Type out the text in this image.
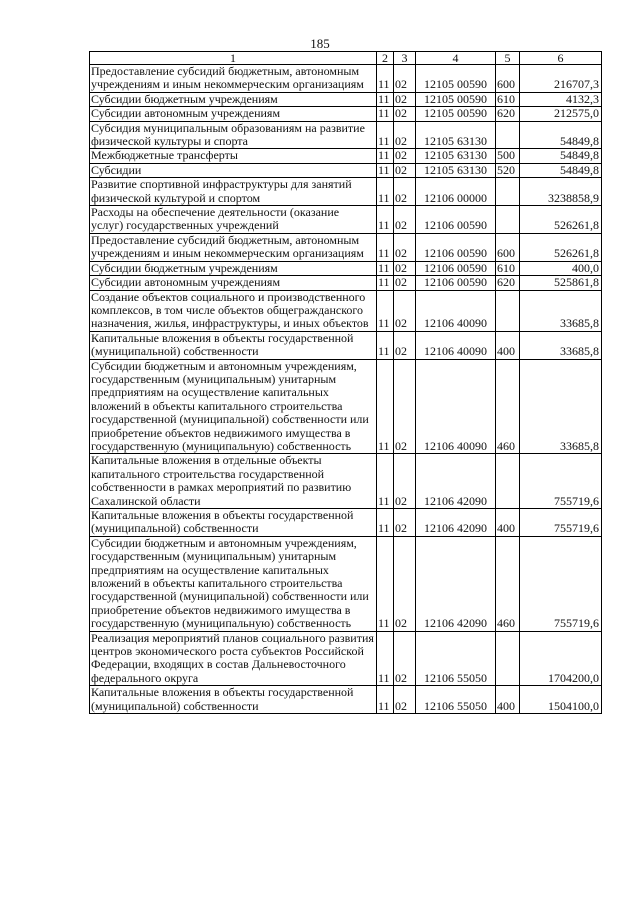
185
1	2	3	4	5	6
Предоставление субсидий бюджетным, автономным учреждениям и иным некоммерческим организациям	11	02	12105 00590	600	216707,3
Субсидии бюджетным учреждениям	11	02	12105 00590	610	4132,3
Субсидии автономным учреждениям	11	02	12105 00590	620	212575,0
Субсидия муниципальным образованиям на развитие физической культуры и спорта	11	02	12105 63130		54849,8
Межбюджетные трансферты	11	02	12105 63130	500	54849,8
Субсидии	11	02	12105 63130	520	54849,8
Развитие спортивной инфраструктуры для занятий физической культурой и спортом	11	02	12106 00000		3238858,9
Расходы на обеспечение деятельности (оказание услуг) государственных учреждений	11	02	12106 00590		526261,8
Предоставление субсидий бюджетным, автономным учреждениям и иным некоммерческим организациям	11	02	12106 00590	600	526261,8
Субсидии бюджетным учреждениям	11	02	12106 00590	610	400,0
Субсидии автономным учреждениям	11	02	12106 00590	620	525861,8
Создание объектов социального и производственного комплексов, в том числе объектов общегражданского назначения, жилья, инфраструктуры, и иных объектов	11	02	12106 40090		33685,8
Капитальные вложения в объекты государственной (муниципальной) собственности	11	02	12106 40090	400	33685,8
Субсидии бюджетным и автономным учреждениям, государственным (муниципальным) унитарным предприятиям на осуществление капитальных вложений в объекты капитального строительства государственной (муниципальной) собственности или приобретение объектов недвижимого имущества в государственную (муниципальную) собственность	11	02	12106 40090	460	33685,8
Капитальные вложения в отдельные объекты капитального строительства государственной собственности в рамках мероприятий по развитию Сахалинской области	11	02	12106 42090		755719,6
Капитальные вложения в объекты государственной (муниципальной) собственности	11	02	12106 42090	400	755719,6
Субсидии бюджетным и автономным учреждениям, государственным (муниципальным) унитарным предприятиям на осуществление капитальных вложений в объекты капитального строительства государственной (муниципальной) собственности или приобретение объектов недвижимого имущества в государственную (муниципальную) собственность	11	02	12106 42090	460	755719,6
Реализация мероприятий планов социального развития центров экономического роста субъектов Российской Федерации, входящих в состав Дальневосточного федерального округа	11	02	12106 55050		1704200,0
Капитальные вложения в объекты государственной (муниципальной) собственности	11	02	12106 55050	400	1504100,0
